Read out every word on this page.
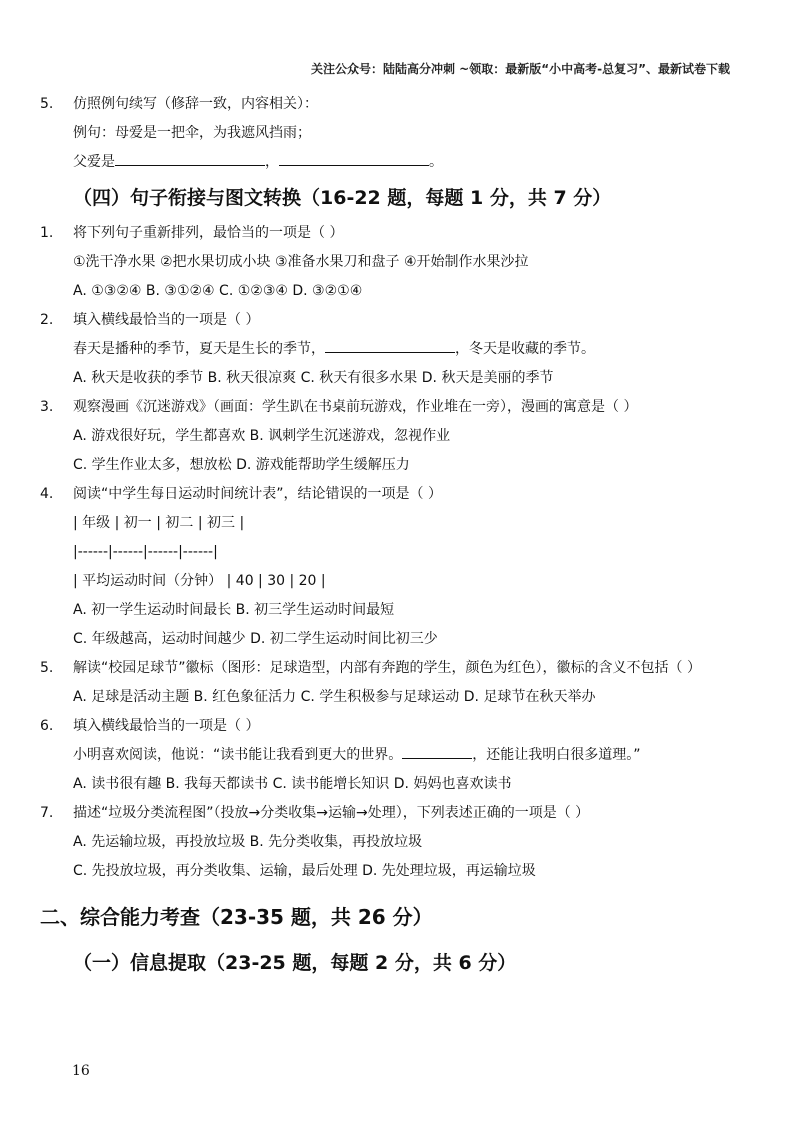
关注公众号：陆陆高分冲刺 ~领取：最新版“小中高考-总复习”、最新试卷下载
5. 仿照例句续写（修辞一致，内容相关）：
例句：母爱是一把伞，为我遮风挡雨；
父爱是	，	。
（四）句子衔接与图文转换（16-22 题，每题 1 分，共 7 分）
1. 将下列句子重新排列，最恰当的一项是（ ）
①洗干净水果 ②把水果切成小块 ③准备水果刀和盘子 ④开始制作水果沙拉
A. ①③②④ B. ③①②④ C. ①②③④ D. ③②①④
2. 填入横线最恰当的一项是（ ）
春天是播种的季节，夏天是生长的季节，	，冬天是收藏的季节。
A. 秋天是收获的季节 B. 秋天很凉爽 C. 秋天有很多水果 D. 秋天是美丽的季节
3. 观察漫画《沉迷游戏》（画面：学生趴在书桌前玩游戏，作业堆在一旁），漫画的寓意是（ ）
A. 游戏很好玩，学生都喜欢 B. 讽刺学生沉迷游戏，忽视作业
C. 学生作业太多，想放松 D. 游戏能帮助学生缓解压力
4. 阅读“中学生每日运动时间统计表”，结论错误的一项是（ ）
| 年级 | 初一 | 初二 | 初三 |
|------|------|------|------|
| 平均运动时间（分钟） | 40 | 30 | 20 |
A. 初一学生运动时间最长 B. 初三学生运动时间最短
C. 年级越高，运动时间越少 D. 初二学生运动时间比初三少
5.	解读“校园足球节”徽标（图形：足球造型，内部有奔跑的学生，颜色为红色），徽标的含义不包括（ ）
A. 足球是活动主题 B. 红色象征活力 C. 学生积极参与足球运动 D. 足球节在秋天举办
6. 填入横线最恰当的一项是（ ）
小明喜欢阅读，他说：“读书能让我看到更大的世界。	，还能让我明白很多道理。”
A. 读书很有趣 B. 我每天都读书 C. 读书能增长知识 D. 妈妈也喜欢读书
7. 描述“垃圾分类流程图”（投放→分类收集→运输→处理），下列表述正确的一项是（ ）
A. 先运输垃圾，再投放垃圾 B. 先分类收集，再投放垃圾
C. 先投放垃圾，再分类收集、运输，最后处理 D. 先处理垃圾，再运输垃圾
二、综合能力考查（23-35 题，共 26 分）
（一）信息提取（23-25 题，每题 2 分，共 6 分）
16
